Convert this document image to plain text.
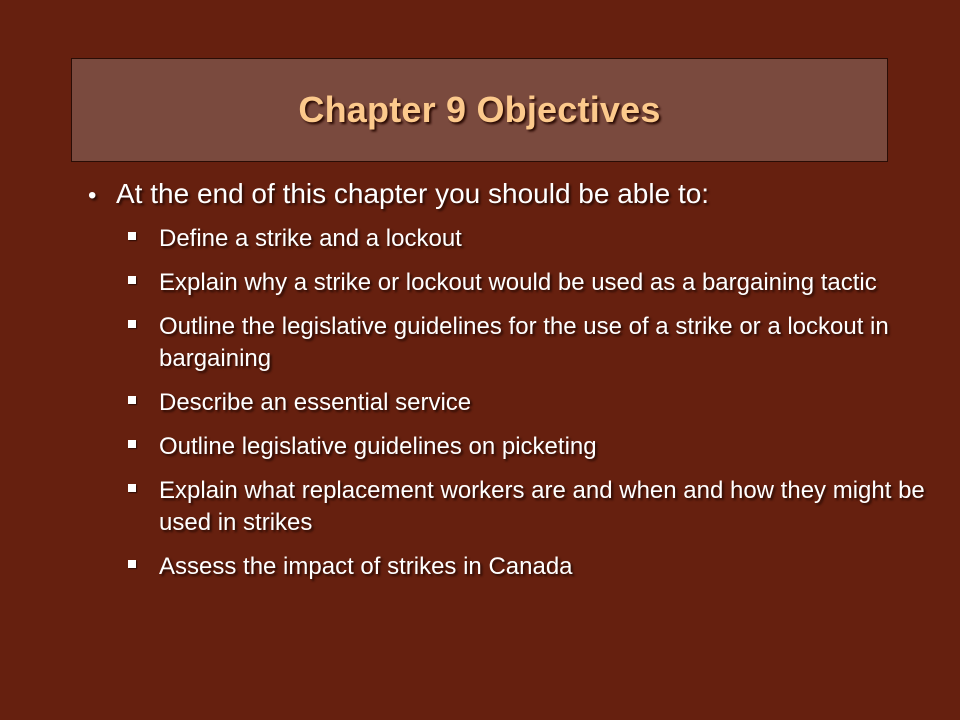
Chapter 9 Objectives
• At the end of this chapter you should be able to:
Define a strike and a lockout
Explain why a strike or lockout would be used as a bargaining tactic
Outline the legislative guidelines for the use of a strike or a lockout in bargaining
Describe an essential service
Outline legislative guidelines on picketing
Explain what replacement workers are and when and how they might be used in strikes
Assess the impact of strikes in Canada
